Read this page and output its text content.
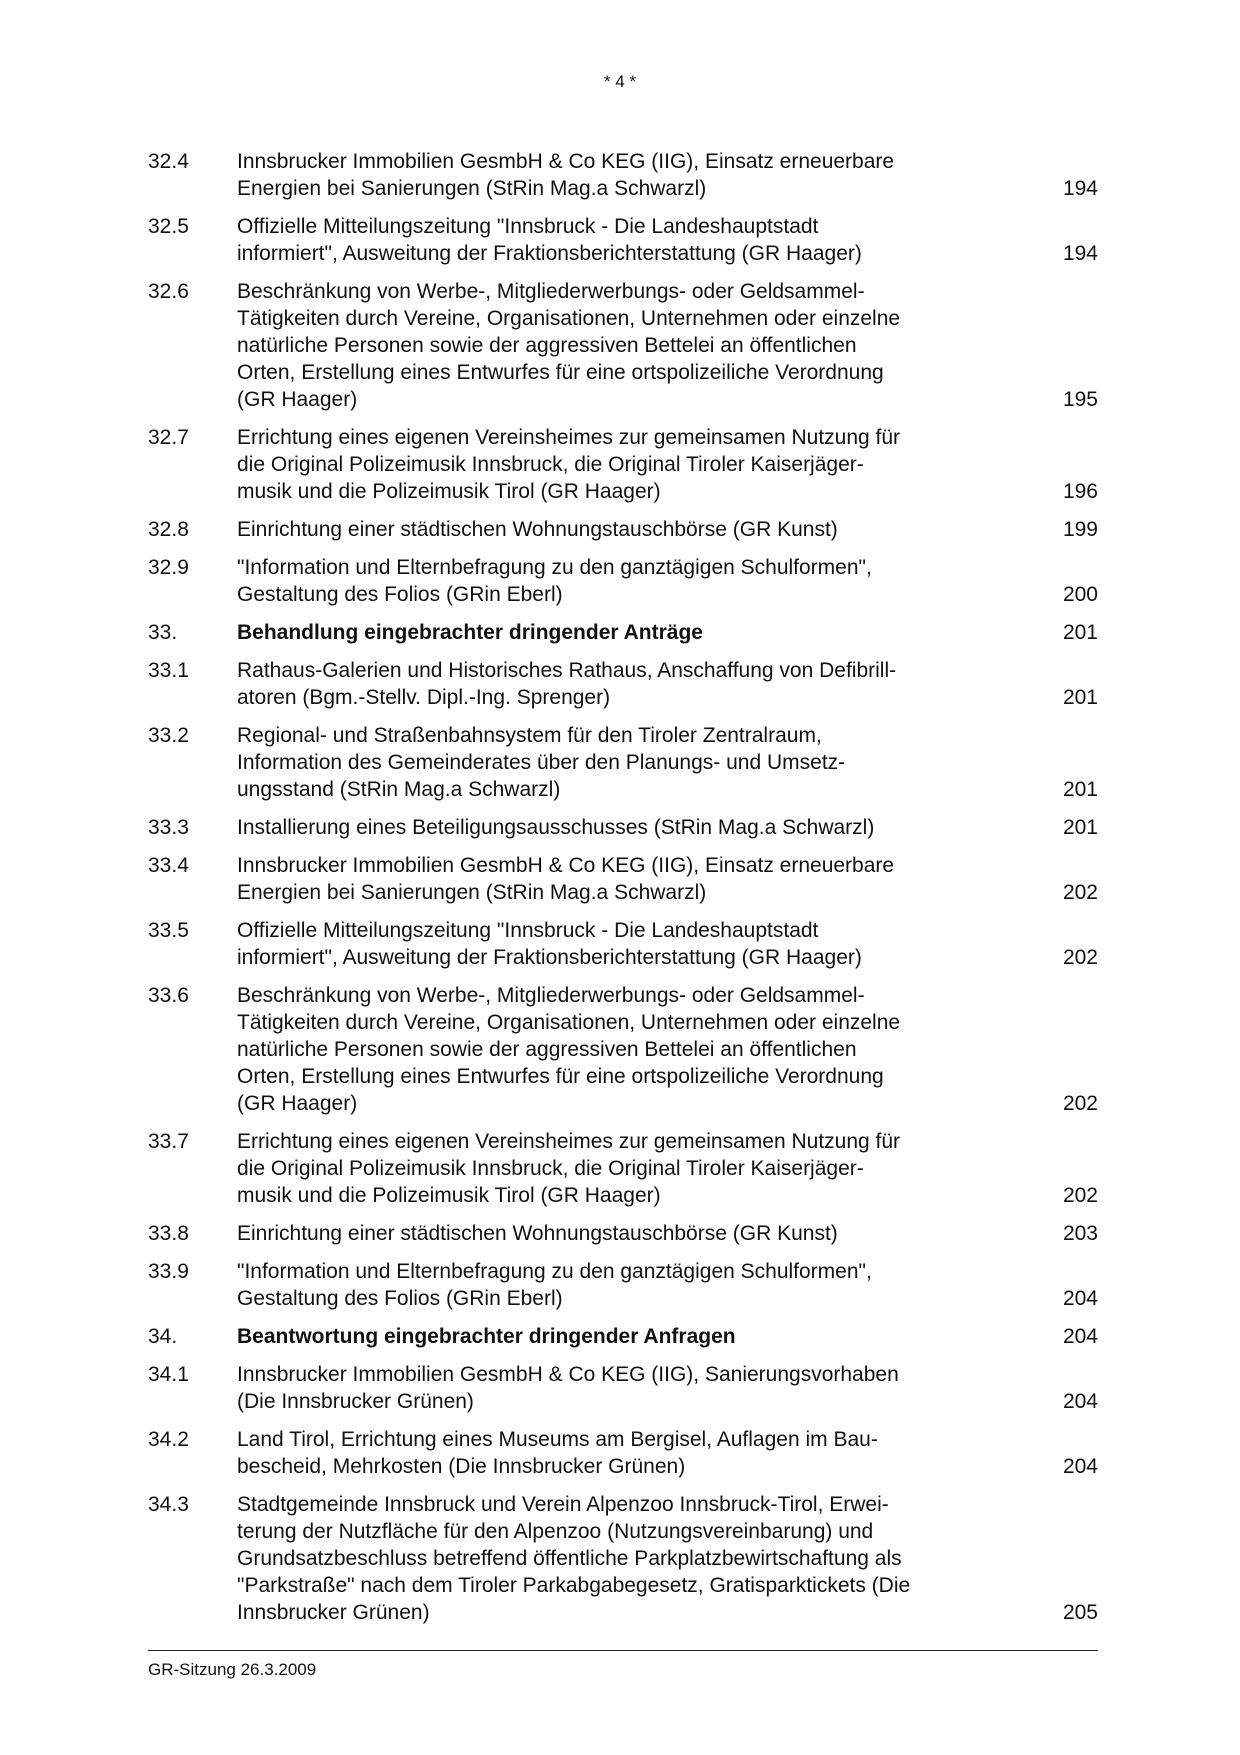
* 4 *
32.4	Innsbrucker Immobilien GesmbH & Co KEG (IIG), Einsatz erneuerbare
Energien bei Sanierungen (StRin Mag.a Schwarzl)	194
32.5	Offizielle Mitteilungszeitung "Innsbruck - Die Landeshauptstadt
informiert", Ausweitung der Fraktionsberichterstattung (GR Haager)	194
32.6	Beschränkung von Werbe-, Mitgliederwerbungs- oder Geldsammel-
Tätigkeiten durch Vereine, Organisationen, Unternehmen oder einzelne
natürliche Personen sowie der aggressiven Bettelei an öffentlichen
Orten, Erstellung eines Entwurfes für eine ortspolizeiliche Verordnung
(GR Haager)	195
32.7	Errichtung eines eigenen Vereinsheimes zur gemeinsamen Nutzung für
die Original Polizeimusik Innsbruck, die Original Tiroler Kaiserjäger-
musik und die Polizeimusik Tirol (GR Haager)	196
32.8	Einrichtung einer städtischen Wohnungstauschbörse (GR Kunst)	199
32.9	"Information und Elternbefragung zu den ganztägigen Schulformen",
Gestaltung des Folios (GRin Eberl)	200
33.	Behandlung eingebrachter dringender Anträge	201
33.1	Rathaus-Galerien und Historisches Rathaus, Anschaffung von Defibrill-
atoren (Bgm.-Stellv. Dipl.-Ing. Sprenger)	201
33.2	Regional- und Straßenbahnsystem für den Tiroler Zentralraum,
Information des Gemeinderates über den Planungs- und Umsetz-
ungsstand (StRin Mag.a Schwarzl)	201
33.3	Installierung eines Beteiligungsausschusses (StRin Mag.a Schwarzl)	201
33.4	Innsbrucker Immobilien GesmbH & Co KEG (IIG), Einsatz erneuerbare
Energien bei Sanierungen (StRin Mag.a Schwarzl)	202
33.5	Offizielle Mitteilungszeitung "Innsbruck - Die Landeshauptstadt
informiert", Ausweitung der Fraktionsberichterstattung (GR Haager)	202
33.6	Beschränkung von Werbe-, Mitgliederwerbungs- oder Geldsammel-
Tätigkeiten durch Vereine, Organisationen, Unternehmen oder einzelne
natürliche Personen sowie der aggressiven Bettelei an öffentlichen
Orten, Erstellung eines Entwurfes für eine ortspolizeiliche Verordnung
(GR Haager)	202
33.7	Errichtung eines eigenen Vereinsheimes zur gemeinsamen Nutzung für
die Original Polizeimusik Innsbruck, die Original Tiroler Kaiserjäger-
musik und die Polizeimusik Tirol (GR Haager)	202
33.8	Einrichtung einer städtischen Wohnungstauschbörse (GR Kunst)	203
33.9	"Information und Elternbefragung zu den ganztägigen Schulformen",
Gestaltung des Folios (GRin Eberl)	204
34.	Beantwortung eingebrachter dringender Anfragen	204
34.1	Innsbrucker Immobilien GesmbH & Co KEG (IIG), Sanierungsvorhaben
(Die Innsbrucker Grünen)	204
34.2	Land Tirol, Errichtung eines Museums am Bergisel, Auflagen im Bau-
bescheid, Mehrkosten (Die Innsbrucker Grünen)	204
34.3	Stadtgemeinde Innsbruck und Verein Alpenzoo Innsbruck-Tirol, Erwei-
terung der Nutzfläche für den Alpenzoo (Nutzungsvereinbarung) und
Grundsatzbeschluss betreffend öffentliche Parkplatzbewirtschaftung als
"Parkstraße" nach dem Tiroler Parkabgabegesetz, Gratisparktickets (Die
Innsbrucker Grünen)	205
GR-Sitzung 26.3.2009
